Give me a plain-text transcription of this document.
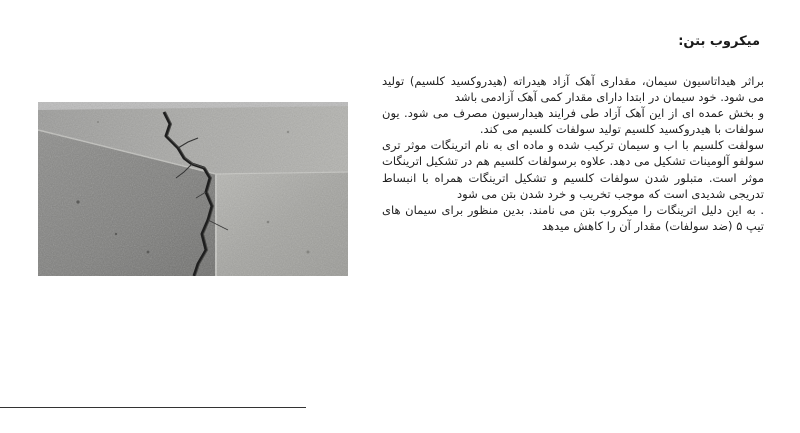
میکروب بتن:

براثر هیداتاسیون سیمان، مقداری آهک آزاد هیدراته (هیدروکسید کلسیم) تولید می شود. خود سیمان در ابتدا دارای مقدار کمی آهک آزادمی باشد

و بخش عمده ای از این آهک آزاد طی فرایند هیدارسیون مصرف می شود. یون سولفات با هیدروکسید کلسیم تولید سولفات کلسیم می کند.

سولفت کلسیم با اب و سیمان ترکیب شده و ماده ای به نام اترینگات موثر تری سولفو آلومینات تشکیل می دهد. علاوه برسولفات کلسیم هم در تشکیل اترینگات موثر است. متبلور شدن سولفات کلسیم و تشکیل اترینگات همراه با انبساط تدریجی شدیدی است که موجب تخریب و خرد شدن بتن می شود

. به این دلیل اترینگات را میکروب بتن می نامند. بدین منظور برای سیمان های تیپ ۵ (ضد سولفات) مقدار آن را کاهش میدهد
